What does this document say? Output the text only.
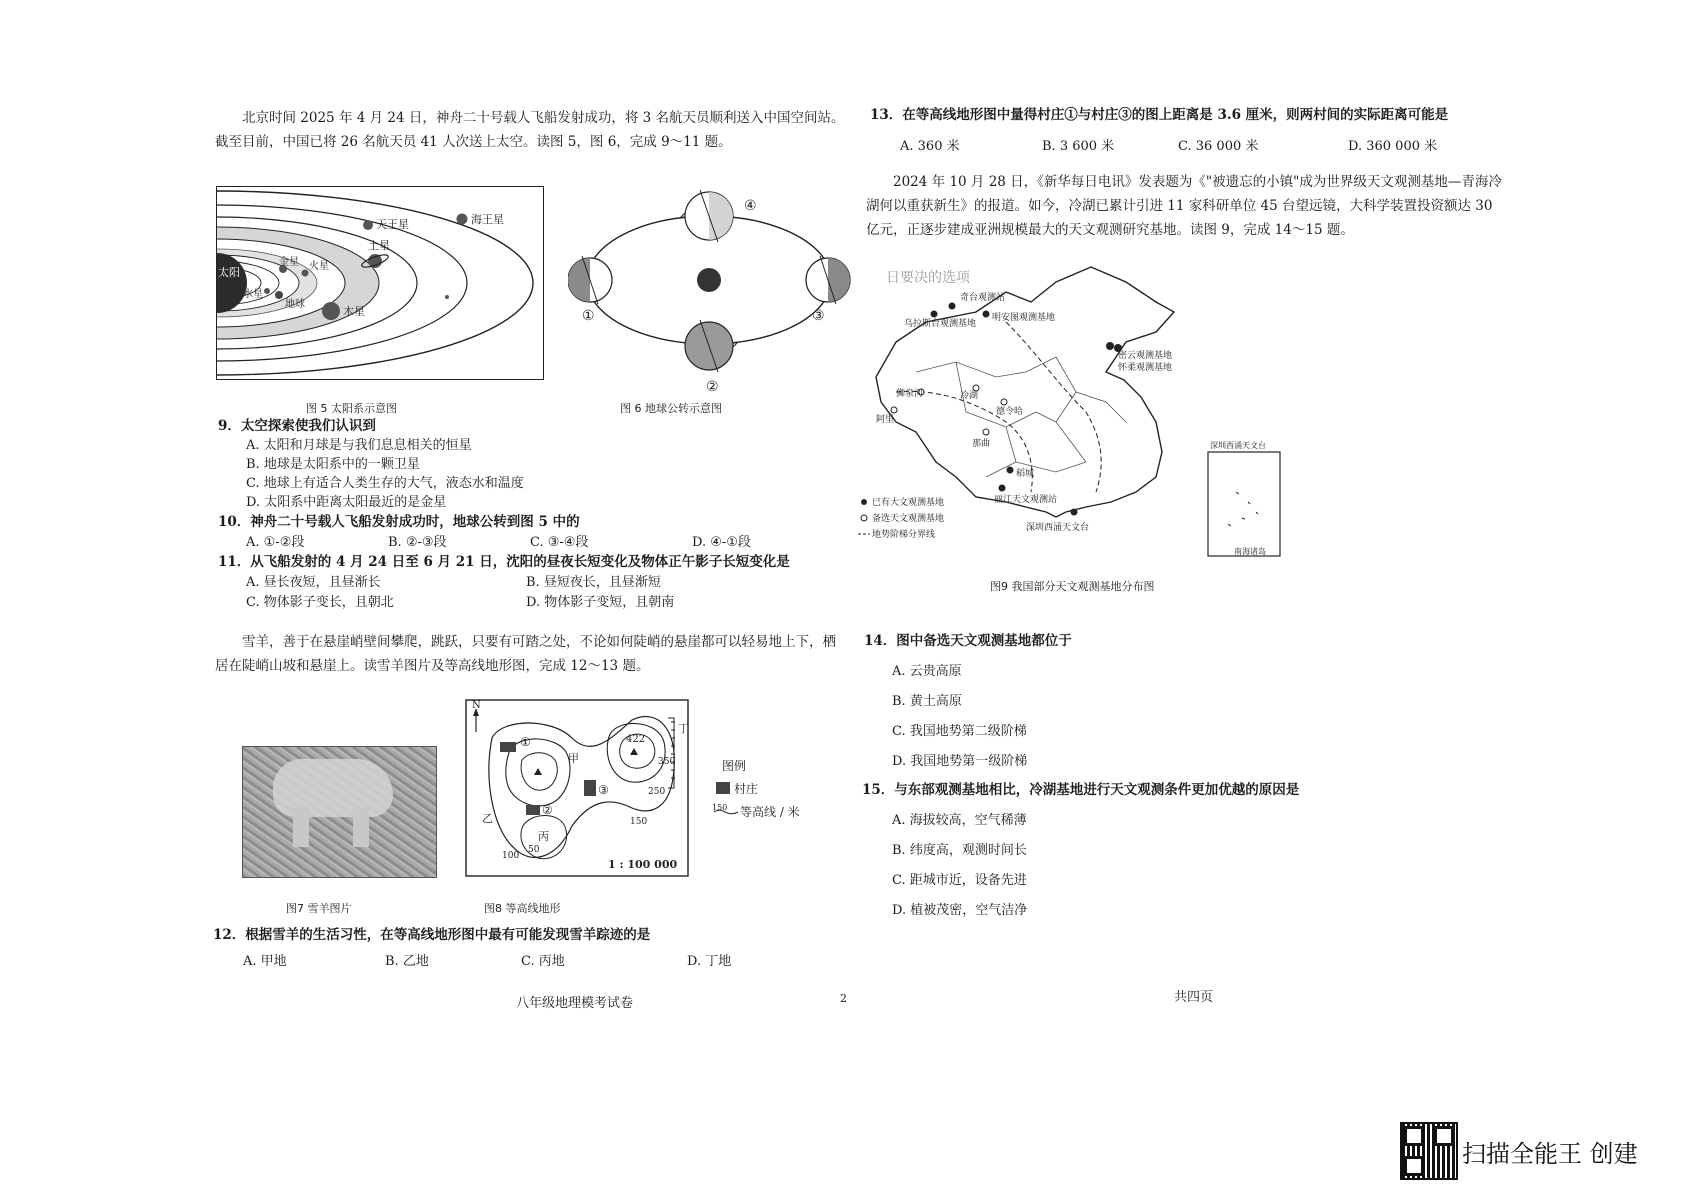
北京时间 2025 年 4 月 24 日，神舟二十号载人飞船发射成功，将 3 名航天员顺利送入中国空间站。截至目前，中国已将 26 名航天员 41 人次送上太空。读图 5，图 6，完成 9～11 题。
太阳
水星
金星
地球
火星
木星
土星
天王星	海王星
图 5 太阳系示意图
④
②
①	③
图 6 地球公转示意图
9．太空探索使我们认识到
A. 太阳和月球是与我们息息相关的恒星
B. 地球是太阳系中的一颗卫星
C. 地球上有适合人类生存的大气，液态水和温度
D. 太阳系中距离太阳最近的是金星
10．神舟二十号载人飞船发射成功时，地球公转到图 5 中的
A. ①-②段	B. ②-③段	C. ③-④段	D. ④-①段
11．从飞船发射的 4 月 24 日至 6 月 21 日，沈阳的昼夜长短变化及物体正午影子长短变化是
A. 昼长夜短，且昼渐长	B. 昼短夜长，且昼渐短
C. 物体影子变长，且朝北	D. 物体影子变短，且朝南
雪羊，善于在悬崖峭壁间攀爬，跳跃，只要有可踏之处，不论如何陡峭的悬崖都可以轻易地上下，栖居在陡峭山坡和悬崖上。读雪羊图片及等高线地形图，完成 12～13 题。
图7 雪羊图片
N
422
甲
乙
丙
丁
①
②
③
350
250
150
100
50
1 : 100 000
图例
村庄
150 等高线 / 米
图8 等高线地形
12．根据雪羊的生活习性，在等高线地形图中最有可能发现雪羊踪迹的是
A. 甲地	B. 乙地	C. 丙地	D. 丁地
八年级地理模考试卷	2
13．在等高线地形图中量得村庄①与村庄③的图上距离是 3.6 厘米，则两村间的实际距离可能是
A. 360 米	B. 3 600 米	C. 36 000 米	D. 360 000 米
2024 年 10 月 28 日，《新华每日电讯》发表题为《"被遗忘的小镇"成为世界级天文观测基地—青海冷湖何以重获新生》的报道。如今，冷湖已累计引进 11 家科研单位 45 台望远镜，大科学装置投资额达 30 亿元，正逐步建成亚洲规模最大的天文观测研究基地。读图 9，完成 14～15 题。
日要决的选项
奇台观测站
乌拉斯台观测基地
明安图观测基地
密云观测基地
怀柔观测基地
冷湖
德令哈
阿里
狮泉河
那曲
稻城
丽江天文观测站
深圳西涌天文台
已有大文观测基地
备选天文观测基地
地势阶梯分界线
深圳西涌天文台
南海诸岛
图9 我国部分天文观测基地分布图
14．图中备选天文观测基地都位于
A. 云贵高原
B. 黄土高原
C. 我国地势第二级阶梯
D. 我国地势第一级阶梯
15．与东部观测基地相比，冷湖基地进行天文观测条件更加优越的原因是
A. 海拔较高，空气稀薄
B. 纬度高，观测时间长
C. 距城市近，设备先进
D. 植被茂密，空气洁净
共四页
扫描全能王 创建
